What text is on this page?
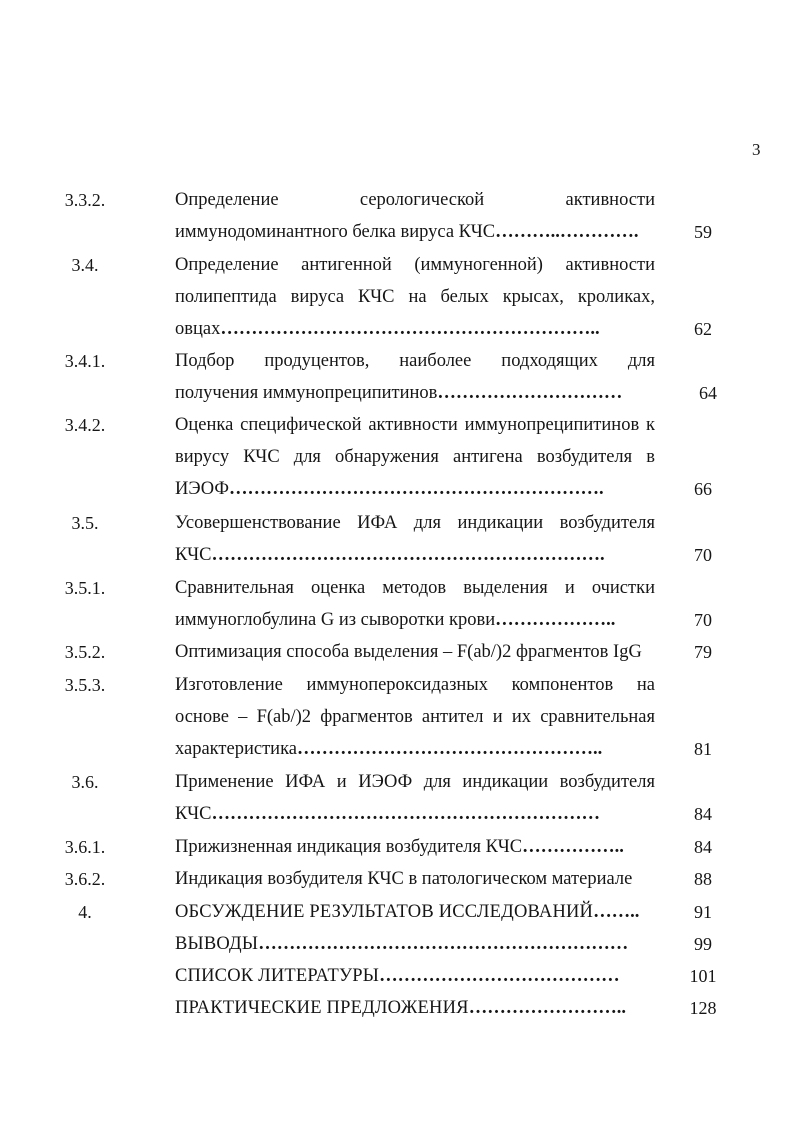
3
3.3.2.	Определение серологической активности
иммунодоминантного белка вируса КЧС………..………….	59
3.4.	Определение антигенной (иммуногенной) активности
полипептида вируса КЧС на белых крысах, кроликах,
овцах……………………………………………………..	62
3.4.1.	Подбор продуцентов, наиболее подходящих для
получения иммунопреципитинов…………………………	64
3.4.2.	Оценка специфической активности иммунопреципитинов к
вирусу КЧС для обнаружения антигена возбудителя в
ИЭОФ…………………………………………………….	66
3.5.	Усовершенствование ИФА для индикации возбудителя
КЧС……………………………………………………….	70
3.5.1.	Сравнительная оценка методов выделения и очистки
иммуноглобулина G из сыворотки крови………………..	70
3.5.2.	Оптимизация способа выделения – F(ab/)2 фрагментов IgG	79
3.5.3.	Изготовление иммунопероксидазных компонентов на
основе – F(ab/)2 фрагментов антител и их сравнительная
характеристика…………………………………………..	81
3.6.	Применение ИФА и ИЭОФ для индикации возбудителя
КЧС………………………………………………………	84
3.6.1.	Прижизненная индикация возбудителя КЧС……………..	84
3.6.2.	Индикация возбудителя КЧС в патологическом материале	88
4.	ОБСУЖДЕНИЕ РЕЗУЛЬТАТОВ ИССЛЕДОВАНИЙ……..	91
ВЫВОДЫ……………………………………………………	99
СПИСОК ЛИТЕРАТУРЫ…………………………………	101
ПРАКТИЧЕСКИЕ ПРЕДЛОЖЕНИЯ……………………..	128
